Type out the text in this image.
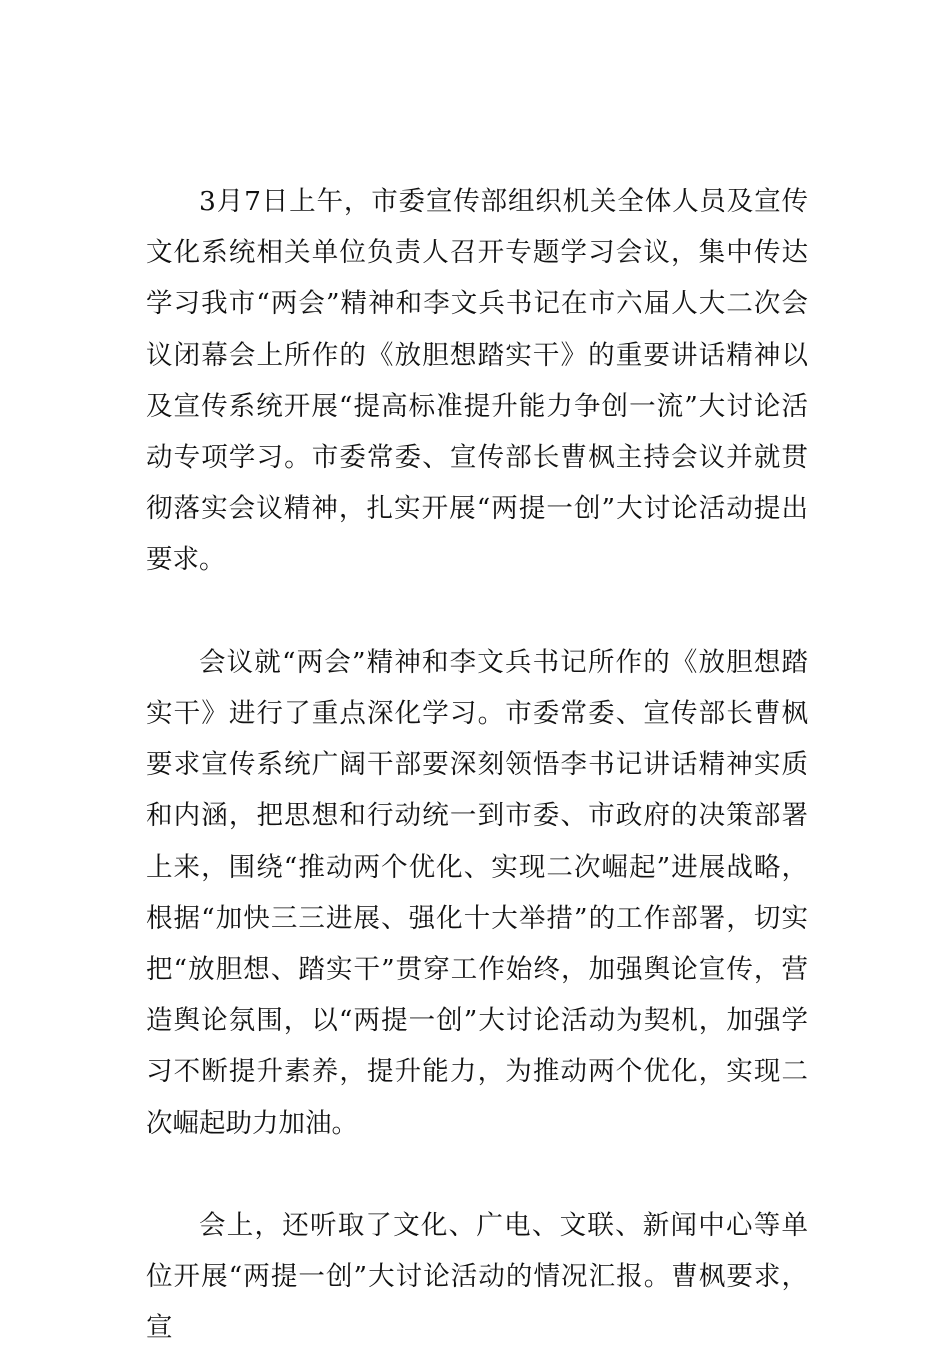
3月7日上午，市委宣传部组织机关全体人员及宣传文化系统相关单位负责人召开专题学习会议，集中传达学习我市“两会”精神和李文兵书记在市六届人大二次会议闭幕会上所作的《放胆想踏实干》的重要讲话精神以及宣传系统开展“提高标准提升能力争创一流”大讨论活动专项学习。市委常委、宣传部长曹枫主持会议并就贯彻落实会议精神，扎实开展“两提一创”大讨论活动提出要求。

会议就“两会”精神和李文兵书记所作的《放胆想踏实干》进行了重点深化学习。市委常委、宣传部长曹枫要求宣传系统广阔干部要深刻领悟李书记讲话精神实质和内涵，把思想和行动统一到市委、市政府的决策部署上来，围绕“推动两个优化、实现二次崛起”进展战略，根据“加快三三进展、强化十大举措”的工作部署，切实把“放胆想、踏实干”贯穿工作始终，加强舆论宣传，营造舆论氛围，以“两提一创”大讨论活动为契机，加强学习不断提升素养，提升能力，为推动两个优化，实现二次崛起助力加油。

会上，还听取了文化、广电、文联、新闻中心等单位开展“两提一创”大讨论活动的情况汇报。曹枫要求，宣
